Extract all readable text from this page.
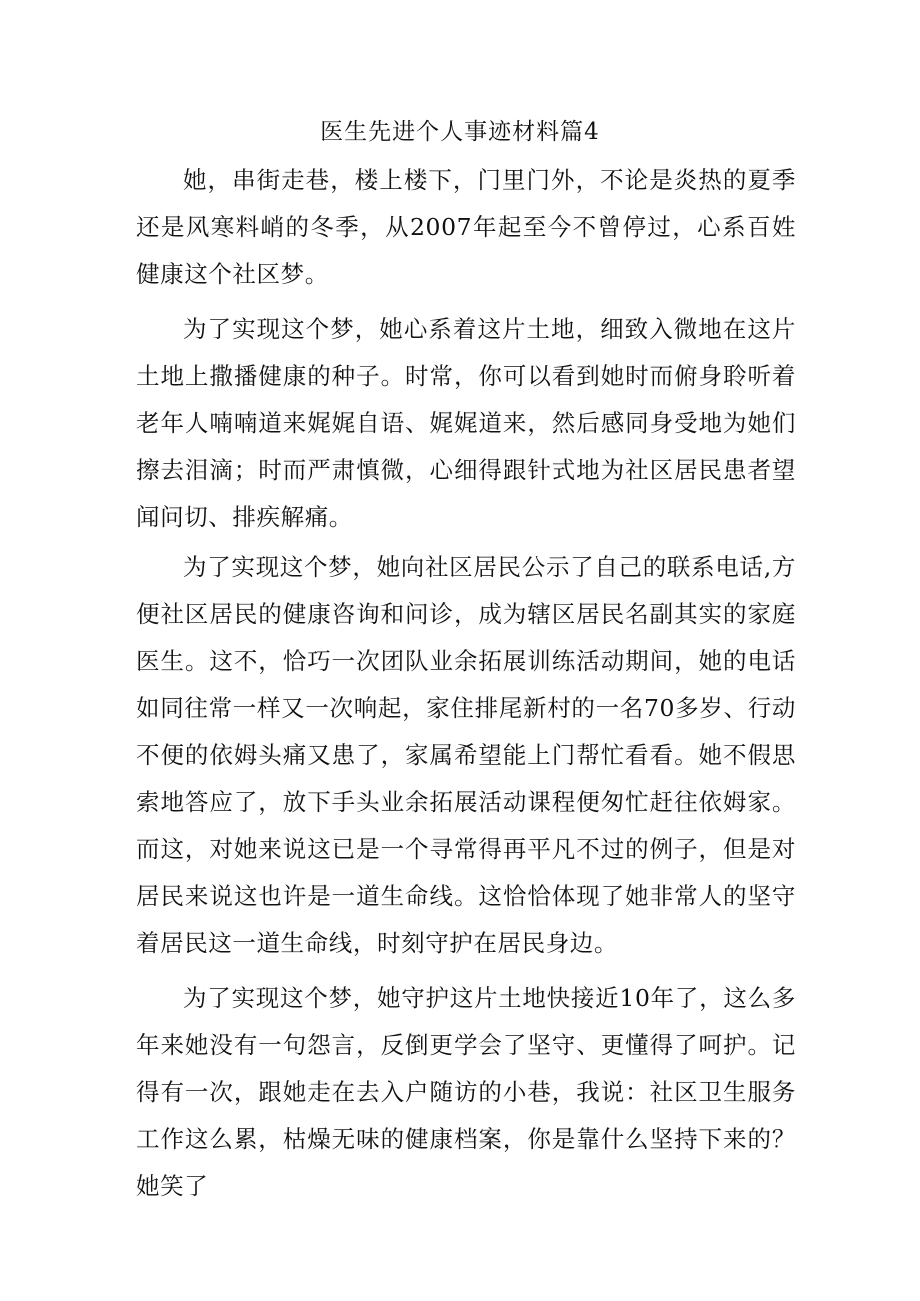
医生先进个人事迹材料篇4

她，串街走巷，楼上楼下，门里门外，不论是炎热的夏季还是风寒料峭的冬季，从2007年起至今不曾停过，心系百姓健康这个社区梦。

为了实现这个梦，她心系着这片土地，细致入微地在这片土地上撒播健康的种子。时常，你可以看到她时而俯身聆听着老年人喃喃道来娓娓自语、娓娓道来，然后感同身受地为她们擦去泪滴；时而严肃慎微，心细得跟针式地为社区居民患者望闻问切、排疾解痛。

为了实现这个梦，她向社区居民公示了自己的联系电话,方便社区居民的健康咨询和问诊，成为辖区居民名副其实的家庭医生。这不，恰巧一次团队业余拓展训练活动期间，她的电话如同往常一样又一次响起，家住排尾新村的一名70多岁、行动不便的依姆头痛又患了，家属希望能上门帮忙看看。她不假思索地答应了，放下手头业余拓展活动课程便匆忙赶往依姆家。而这，对她来说这已是一个寻常得再平凡不过的例子，但是对居民来说这也许是一道生命线。这恰恰体现了她非常人的坚守着居民这一道生命线，时刻守护在居民身边。

为了实现这个梦，她守护这片土地快接近10年了，这么多年来她没有一句怨言，反倒更学会了坚守、更懂得了呵护。记得有一次，跟她走在去入户随访的小巷，我说：社区卫生服务工作这么累，枯燥无味的健康档案，你是靠什么坚持下来的？她笑了
